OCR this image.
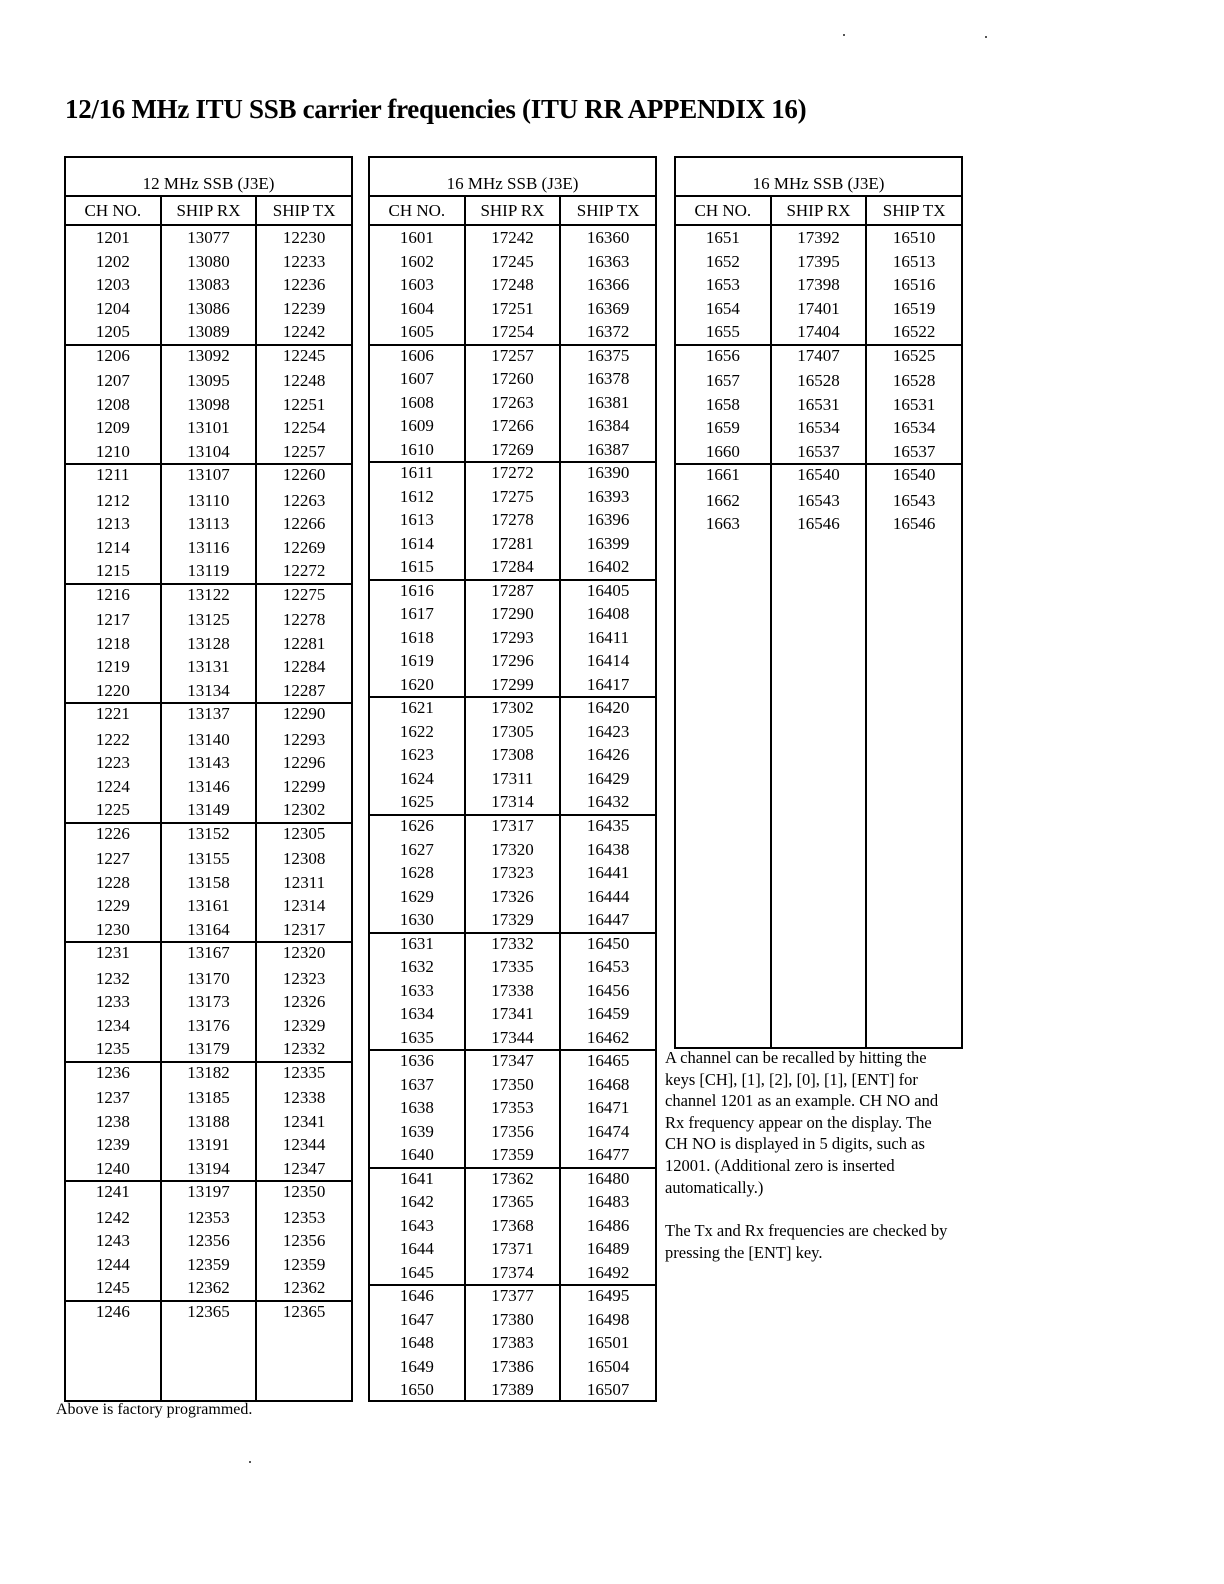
12/16 MHz ITU SSB carrier frequencies (ITU RR APPENDIX 16)
12 MHz SSB (J3E)
CH NO.	SHIP RX	SHIP TX
1201	13077	12230
1202	13080	12233
1203	13083	12236
1204	13086	12239
1205	13089	12242
1206	13092	12245
1207	13095	12248
1208	13098	12251
1209	13101	12254
1210	13104	12257
1211	13107	12260
1212	13110	12263
1213	13113	12266
1214	13116	12269
1215	13119	12272
1216	13122	12275
1217	13125	12278
1218	13128	12281
1219	13131	12284
1220	13134	12287
1221	13137	12290
1222	13140	12293
1223	13143	12296
1224	13146	12299
1225	13149	12302
1226	13152	12305
1227	13155	12308
1228	13158	12311
1229	13161	12314
1230	13164	12317
1231	13167	12320
1232	13170	12323
1233	13173	12326
1234	13176	12329
1235	13179	12332
1236	13182	12335
1237	13185	12338
1238	13188	12341
1239	13191	12344
1240	13194	12347
1241	13197	12350
1242	12353	12353
1243	12356	12356
1244	12359	12359
1245	12362	12362
1246	12365	12365
16 MHz SSB (J3E)
CH NO.	SHIP RX	SHIP TX
1601	17242	16360
1602	17245	16363
1603	17248	16366
1604	17251	16369
1605	17254	16372
1606	17257	16375
1607	17260	16378
1608	17263	16381
1609	17266	16384
1610	17269	16387
1611	17272	16390
1612	17275	16393
1613	17278	16396
1614	17281	16399
1615	17284	16402
1616	17287	16405
1617	17290	16408
1618	17293	16411
1619	17296	16414
1620	17299	16417
1621	17302	16420
1622	17305	16423
1623	17308	16426
1624	17311	16429
1625	17314	16432
1626	17317	16435
1627	17320	16438
1628	17323	16441
1629	17326	16444
1630	17329	16447
1631	17332	16450
1632	17335	16453
1633	17338	16456
1634	17341	16459
1635	17344	16462
1636	17347	16465
1637	17350	16468
1638	17353	16471
1639	17356	16474
1640	17359	16477
1641	17362	16480
1642	17365	16483
1643	17368	16486
1644	17371	16489
1645	17374	16492
1646	17377	16495
1647	17380	16498
1648	17383	16501
1649	17386	16504
1650	17389	16507
16 MHz SSB (J3E)
CH NO.	SHIP RX	SHIP TX
1651	17392	16510
1652	17395	16513
1653	17398	16516
1654	17401	16519
1655	17404	16522
1656	17407	16525
1657	16528	16528
1658	16531	16531
1659	16534	16534
1660	16537	16537
1661	16540	16540
1662	16543	16543
1663	16546	16546
A channel can be recalled by hitting the keys [CH], [1], [2], [0], [1], [ENT] for channel 1201 as an example. CH NO and Rx frequency appear on the display. The CH NO is displayed in 5 digits, such as 12001. (Additional zero is inserted automatically.)
The Tx and Rx frequencies are checked by pressing the [ENT] key.
Above is factory programmed.
